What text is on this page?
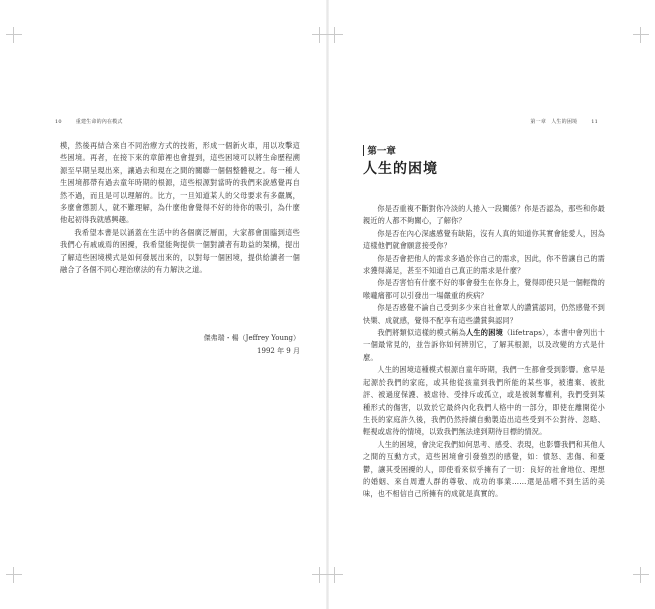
10	重建生命的內在模式

模，然後再結合來自不同治療方式的技術，形成一個新火車，用以攻擊這些困境。再者，在接下來的章節裡也會提到，這些困境可以將生命歷程溯源至早期呈現出來，讓過去和現在之間的關聯一個個整體視之。每一種人生困境都帶有過去童年時期的根源，這些根源對當時的我們來說感覺再自然不過，而且是可以理解的。比方，一旦知道某人的父母要求有多嚴厲，多麼會懲罰人，就不難理解，為什麼他會覺得不好的待你的吸引，為什麼他起初得我就感興趣。

我希望本書是以涵蓋在生活中的各個廣泛層面，大家都會面臨到這些我們心有戚戚焉的困擾，我希望能夠提供一個對讀者有助益的架構，提出了解這些困境模式是如何發展出來的，以對每一個困境，提供給讀者一個融合了各個不同心理治療法的有力解決之道。

傑弗瑞・楊（Jeffrey Young）
1992 年 9 月
第一章　人生的困境	11
第一章
人生的困境

你是否重複不斷對你冷淡的人捲入一段關係？你是否認為，那些和你最親近的人都不夠關心，了解你？

你是否在內心深處感覺有缺陷，沒有人真的知道你其實會能愛人，因為這樣他們就會願意接受你？

你是否會把他人的需求多過於你自己的需求，因此，你不曾讓自己的需求獲得滿足，甚至不知道自己真正的需求是什麼？

你是否害怕有什麼不好的事會發生在你身上，覺得即使只是一個輕微的喉嚨痛都可以引發出一場嚴重的疾病？

你是否感覺不論自己受到多少來自社會眾人的讚賞認同，仍然感覺不到快樂、成就感，覺得不配享有這些讚賞與認同？

我們將類似這樣的模式稱為人生的困境（lifetraps），本書中會列出十一個最常見的，並告訴你如何辨別它，了解其根源，以及改變的方式是什麼。

人生的困境這種模式根源自童年時期，我們一生都會受到影響。愈早是起源於我們的家庭，或其他從孩童到我們所能的某些事，被遺棄、被批評、被過度保護、被虐待、受排斥或孤立，或是被剝奪權利，我們受到某種形式的傷害，以致於它最終內化我們人格中的一部分，即使在離開從小生長的家庭許久後，我們仍然持續自動製造出這些受到不公對待、忽略、輕視或虐待的情境，以致我們無法達到期待目標的情況。

人生的困境，會決定我們如何思考、感受、表現，也影響我們和其他人之間的互動方式，這些困境會引發強烈的感覺，如：憤怒、悲傷、和憂鬱，讓其受困擾的人，即使看來似乎擁有了一切：良好的社會地位、理想的婚姻、來自周遭人群的尊敬、成功的事業……還是品嚐不到生活的美味，也不相信自己所擁有的成就是真實的。
